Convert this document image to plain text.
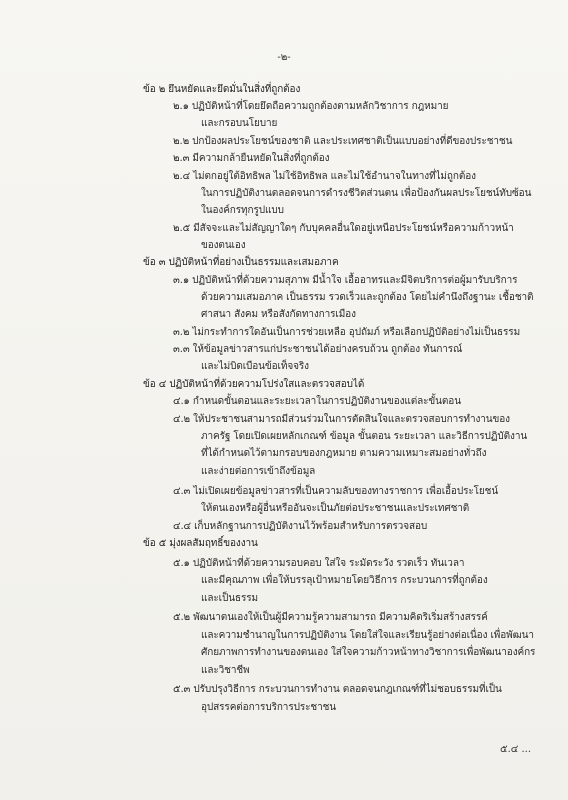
-๒-
ข้อ ๒ ยึนหยัดและยึดมั่นในสิ่งที่ถูกต้อง
๒.๑ ปฏิบัติหน้าที่โดยยึดถือความถูกต้องตามหลักวิชาการ กฎหมาย
และกรอบนโยบาย
๒.๒ ปกป้องผลประโยชน์ของชาติ และประเทศชาติเป็นแบบอย่างที่ดีของประชาชน
๒.๓ มีความกล้ายืนหยัดในสิ่งที่ถูกต้อง
๒.๔ ไม่ตกอยู่ใต้อิทธิพล ไม่ใช้อิทธิพล และไม่ใช้อำนาจในทางที่ไม่ถูกต้อง
ในการปฏิบัติงานตลอดจนการดำรงชีวิตส่วนตน เพื่อป้องกันผลประโยชน์ทับซ้อน
ในองค์กรทุกรูปแบบ
๒.๕ มีสัจจะและไม่สัญญาใดๆ กับบุคคลอื่นใดอยู่เหนือประโยชน์หรือความก้าวหน้า
ของตนเอง
ข้อ ๓ ปฏิบัติหน้าที่อย่างเป็นธรรมและเสมอภาค
๓.๑ ปฏิบัติหน้าที่ด้วยความสุภาพ มีน้ำใจ เอื้ออาทรและมีจิตบริการต่อผู้มารับบริการ
ด้วยความเสมอภาค เป็นธรรม รวดเร็วและถูกต้อง โดยไม่คำนึงถึงฐานะ เชื้อชาติ
ศาสนา สังคม หรือสังกัดทางการเมือง
๓.๒ ไม่กระทำการใดอันเป็นการช่วยเหลือ อุปถัมภ์ หรือเลือกปฏิบัติอย่างไม่เป็นธรรม
๓.๓ ให้ข้อมูลข่าวสารแก่ประชาชนได้อย่างครบถ้วน ถูกต้อง ทันการณ์
และไม่บิดเบือนข้อเท็จจริง
ข้อ ๔ ปฏิบัติหน้าที่ด้วยความโปร่งใสและตรวจสอบได้
๔.๑ กำหนดขั้นตอนและระยะเวลาในการปฏิบัติงานของแต่ละขั้นตอน
๔.๒ ให้ประชาชนสามารถมีส่วนร่วมในการตัดสินใจและตรวจสอบการทำงานของ
ภาครัฐ โดยเปิดเผยหลักเกณฑ์ ข้อมูล ขั้นตอน ระยะเวลา และวิธีการปฏิบัติงาน
ที่ได้กำหนดไว้ตามกรอบของกฎหมาย ตามความเหมาะสมอย่างทั่วถึง
และง่ายต่อการเข้าถึงข้อมูล
๔.๓ ไม่เปิดเผยข้อมูลข่าวสารที่เป็นความลับของทางราชการ เพื่อเอื้อประโยชน์
ให้ตนเองหรือผู้อื่นหรืออันจะเป็นภัยต่อประชาชนและประเทศชาติ
๔.๔ เก็บหลักฐานการปฏิบัติงานไว้พร้อมสำหรับการตรวจสอบ
ข้อ ๕ มุ่งผลสัมฤทธิ์ของงาน
๕.๑ ปฏิบัติหน้าที่ด้วยความรอบคอบ ใส่ใจ ระมัดระวัง รวดเร็ว ทันเวลา
และมีคุณภาพ เพื่อให้บรรลุเป้าหมายโดยวิธีการ กระบวนการที่ถูกต้อง
และเป็นธรรม
๕.๒ พัฒนาตนเองให้เป็นผู้มีความรู้ความสามารถ มีความคิดริเริ่มสร้างสรรค์
และความชำนาญในการปฏิบัติงาน โดยใส่ใจและเรียนรู้อย่างต่อเนื่อง เพื่อพัฒนา
ศักยภาพการทำงานของตนเอง ใส่ใจความก้าวหน้าทางวิชาการเพื่อพัฒนาองค์กร
และวิชาชีพ
๕.๓ ปรับปรุงวิธีการ กระบวนการทำงาน ตลอดจนกฎเกณฑ์ที่ไม่ชอบธรรมที่เป็น
อุปสรรคต่อการบริการประชาชน
๕.๔ ...
